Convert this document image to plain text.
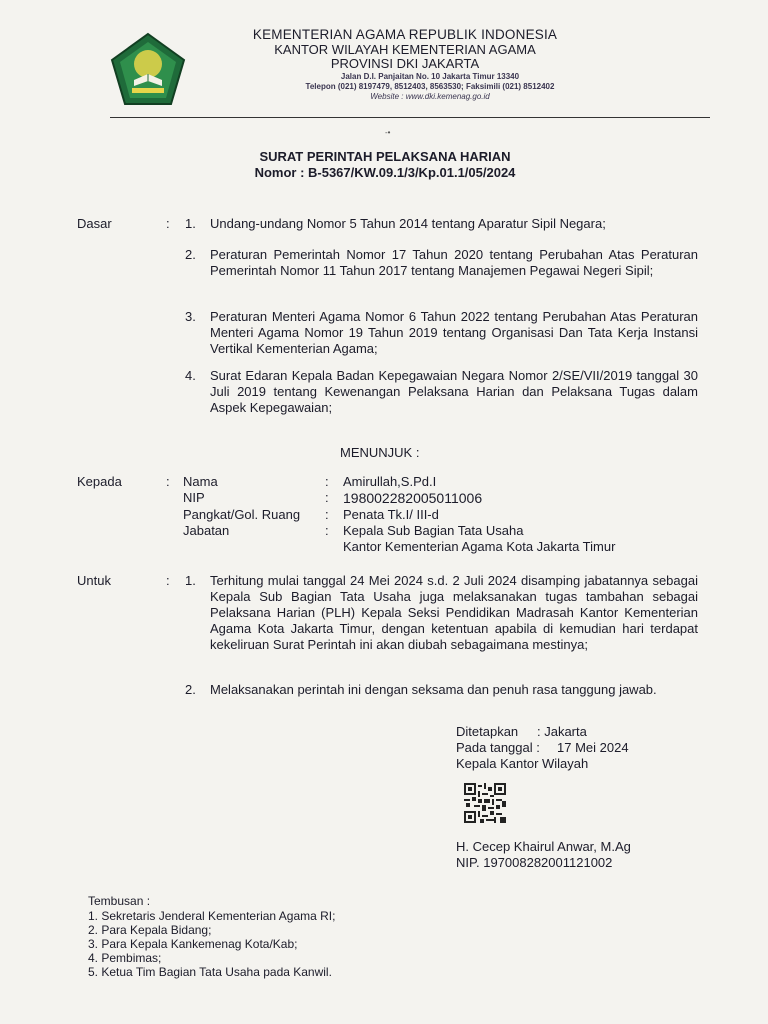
KEMENTERIAN AGAMA REPUBLIK INDONESIA
KANTOR WILAYAH KEMENTERIAN AGAMA
PROVINSI DKI JAKARTA
Jalan D.I. Panjaitan No. 10 Jakarta Timur 13340
Telepon (021) 8197479, 8512403, 8563530; Faksimili (021) 8512402
Website : www.dki.kemenag.go.id
-•
SURAT PERINTAH PELAKSANA HARIAN
Nomor : B-5367/KW.09.1/3/Kp.01.1/05/2024
Dasar	: 1. Undang-undang Nomor 5 Tahun 2014 tentang Aparatur Sipil Negara;
2. Peraturan Pemerintah Nomor 17 Tahun 2020 tentang Perubahan Atas Peraturan Pemerintah Nomor 11 Tahun 2017 tentang Manajemen Pegawai Negeri Sipil;
3. Peraturan Menteri Agama Nomor 6 Tahun 2022 tentang Perubahan Atas Peraturan Menteri Agama Nomor 19 Tahun 2019 tentang Organisasi Dan Tata Kerja Instansi Vertikal Kementerian Agama;
4. Surat Edaran Kepala Badan Kepegawaian Negara Nomor 2/SE/VII/2019 tanggal 30 Juli 2019 tentang Kewenangan Pelaksana Harian dan Pelaksana Tugas dalam Aspek Kepegawaian;
MENUNJUK :
Kepada	: Nama	: Amirullah,S.Pd.I
NIP	: 198002282005011006
Pangkat/Gol. Ruang : Penata Tk.I/ III-d
Jabatan	: Kepala Sub Bagian Tata Usaha
Kantor Kementerian Agama Kota Jakarta Timur
Untuk	: 1. Terhitung mulai tanggal 24 Mei 2024 s.d. 2 Juli 2024 disamping jabatannya sebagai Kepala Sub Bagian Tata Usaha juga melaksanakan tugas tambahan sebagai Pelaksana Harian (PLH) Kepala Seksi Pendidikan Madrasah Kantor Kementerian Agama Kota Jakarta Timur, dengan ketentuan apabila di kemudian hari terdapat kekeliruan Surat Perintah ini akan diubah sebagaimana mestinya;
2. Melaksanakan perintah ini dengan seksama dan penuh rasa tanggung jawab.
Ditetapkan : Jakarta
Pada tanggal : 17 Mei 2024
Kepala Kantor Wilayah
H. Cecep Khairul Anwar, M.Ag
NIP. 197008282001121002
Tembusan :
1. Sekretaris Jenderal Kementerian Agama RI;
2. Para Kepala Bidang;
3. Para Kepala Kankemenag Kota/Kab;
4. Pembimas;
5. Ketua Tim Bagian Tata Usaha pada Kanwil.
